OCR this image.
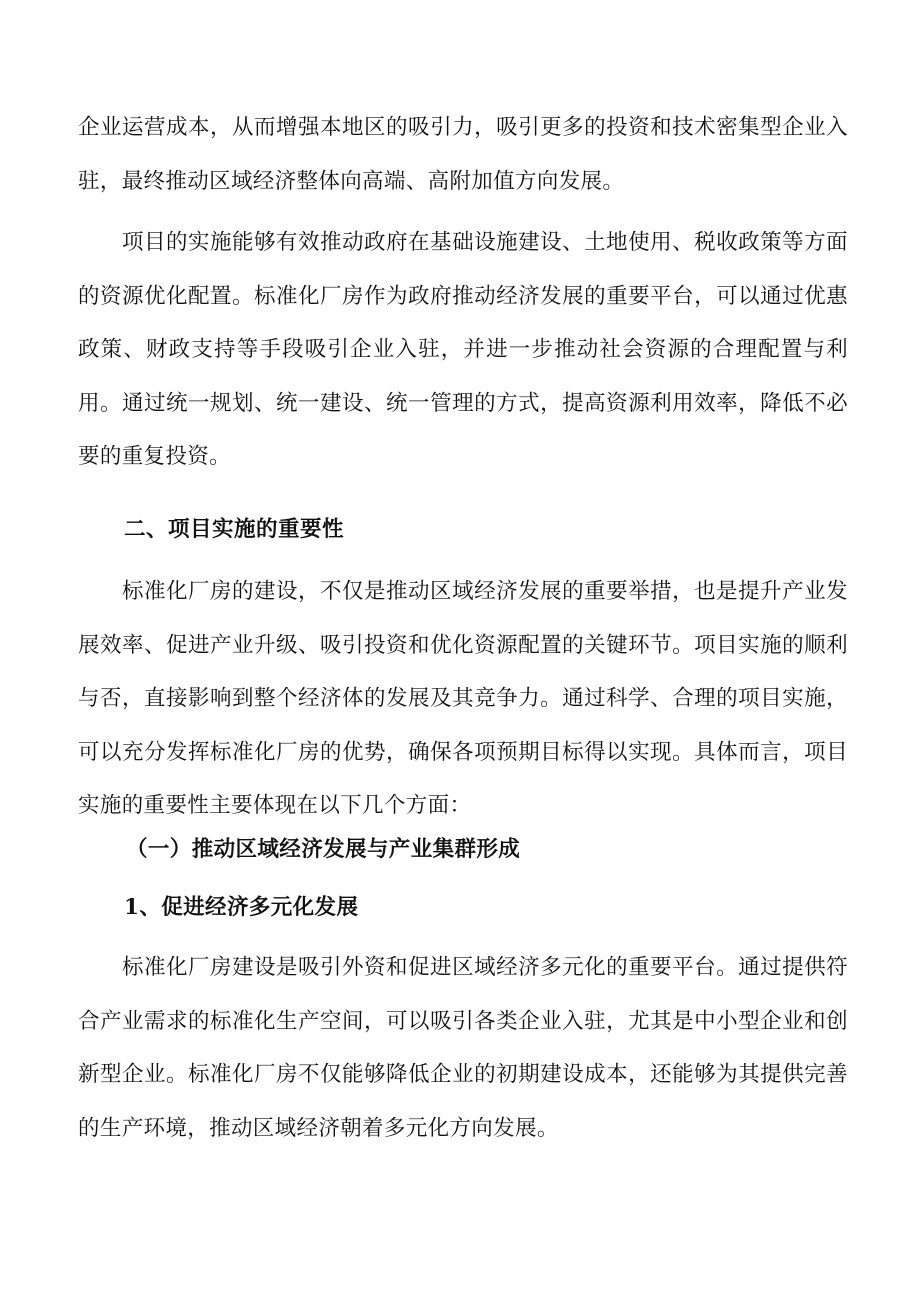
企业运营成本，从而增强本地区的吸引力，吸引更多的投资和技术密集型企业入驻，最终推动区域经济整体向高端、高附加值方向发展。

项目的实施能够有效推动政府在基础设施建设、土地使用、税收政策等方面的资源优化配置。标准化厂房作为政府推动经济发展的重要平台，可以通过优惠政策、财政支持等手段吸引企业入驻，并进一步推动社会资源的合理配置与利用。通过统一规划、统一建设、统一管理的方式，提高资源利用效率，降低不必要的重复投资。

二、项目实施的重要性

标准化厂房的建设，不仅是推动区域经济发展的重要举措，也是提升产业发展效率、促进产业升级、吸引投资和优化资源配置的关键环节。项目实施的顺利与否，直接影响到整个经济体的发展及其竞争力。通过科学、合理的项目实施，可以充分发挥标准化厂房的优势，确保各项预期目标得以实现。具体而言，项目实施的重要性主要体现在以下几个方面：

（一）推动区域经济发展与产业集群形成
1、促进经济多元化发展

标准化厂房建设是吸引外资和促进区域经济多元化的重要平台。通过提供符合产业需求的标准化生产空间，可以吸引各类企业入驻，尤其是中小型企业和创新型企业。标准化厂房不仅能够降低企业的初期建设成本，还能够为其提供完善的生产环境，推动区域经济朝着多元化方向发展。
